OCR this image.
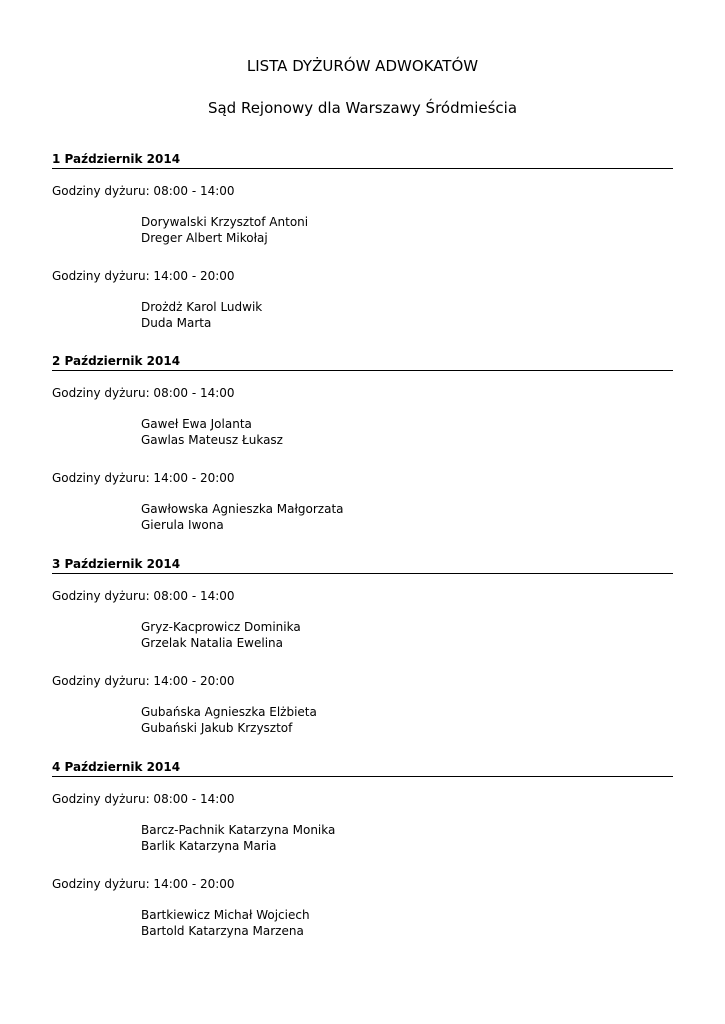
LISTA DYŻURÓW ADWOKATÓW
Sąd Rejonowy dla Warszawy Śródmieścia
1 Październik 2014
Godziny dyżuru: 08:00 - 14:00
Dorywalski Krzysztof Antoni
Dreger Albert Mikołaj
Godziny dyżuru: 14:00 - 20:00
Drożdż Karol Ludwik
Duda Marta
2 Październik 2014
Godziny dyżuru: 08:00 - 14:00
Gaweł Ewa Jolanta
Gawlas Mateusz Łukasz
Godziny dyżuru: 14:00 - 20:00
Gawłowska Agnieszka Małgorzata
Gierula Iwona
3 Październik 2014
Godziny dyżuru: 08:00 - 14:00
Gryz-Kacprowicz Dominika
Grzelak Natalia Ewelina
Godziny dyżuru: 14:00 - 20:00
Gubańska Agnieszka Elżbieta
Gubański Jakub Krzysztof
4 Październik 2014
Godziny dyżuru: 08:00 - 14:00
Barcz-Pachnik Katarzyna Monika
Barlik Katarzyna Maria
Godziny dyżuru: 14:00 - 20:00
Bartkiewicz Michał Wojciech
Bartold Katarzyna Marzena
